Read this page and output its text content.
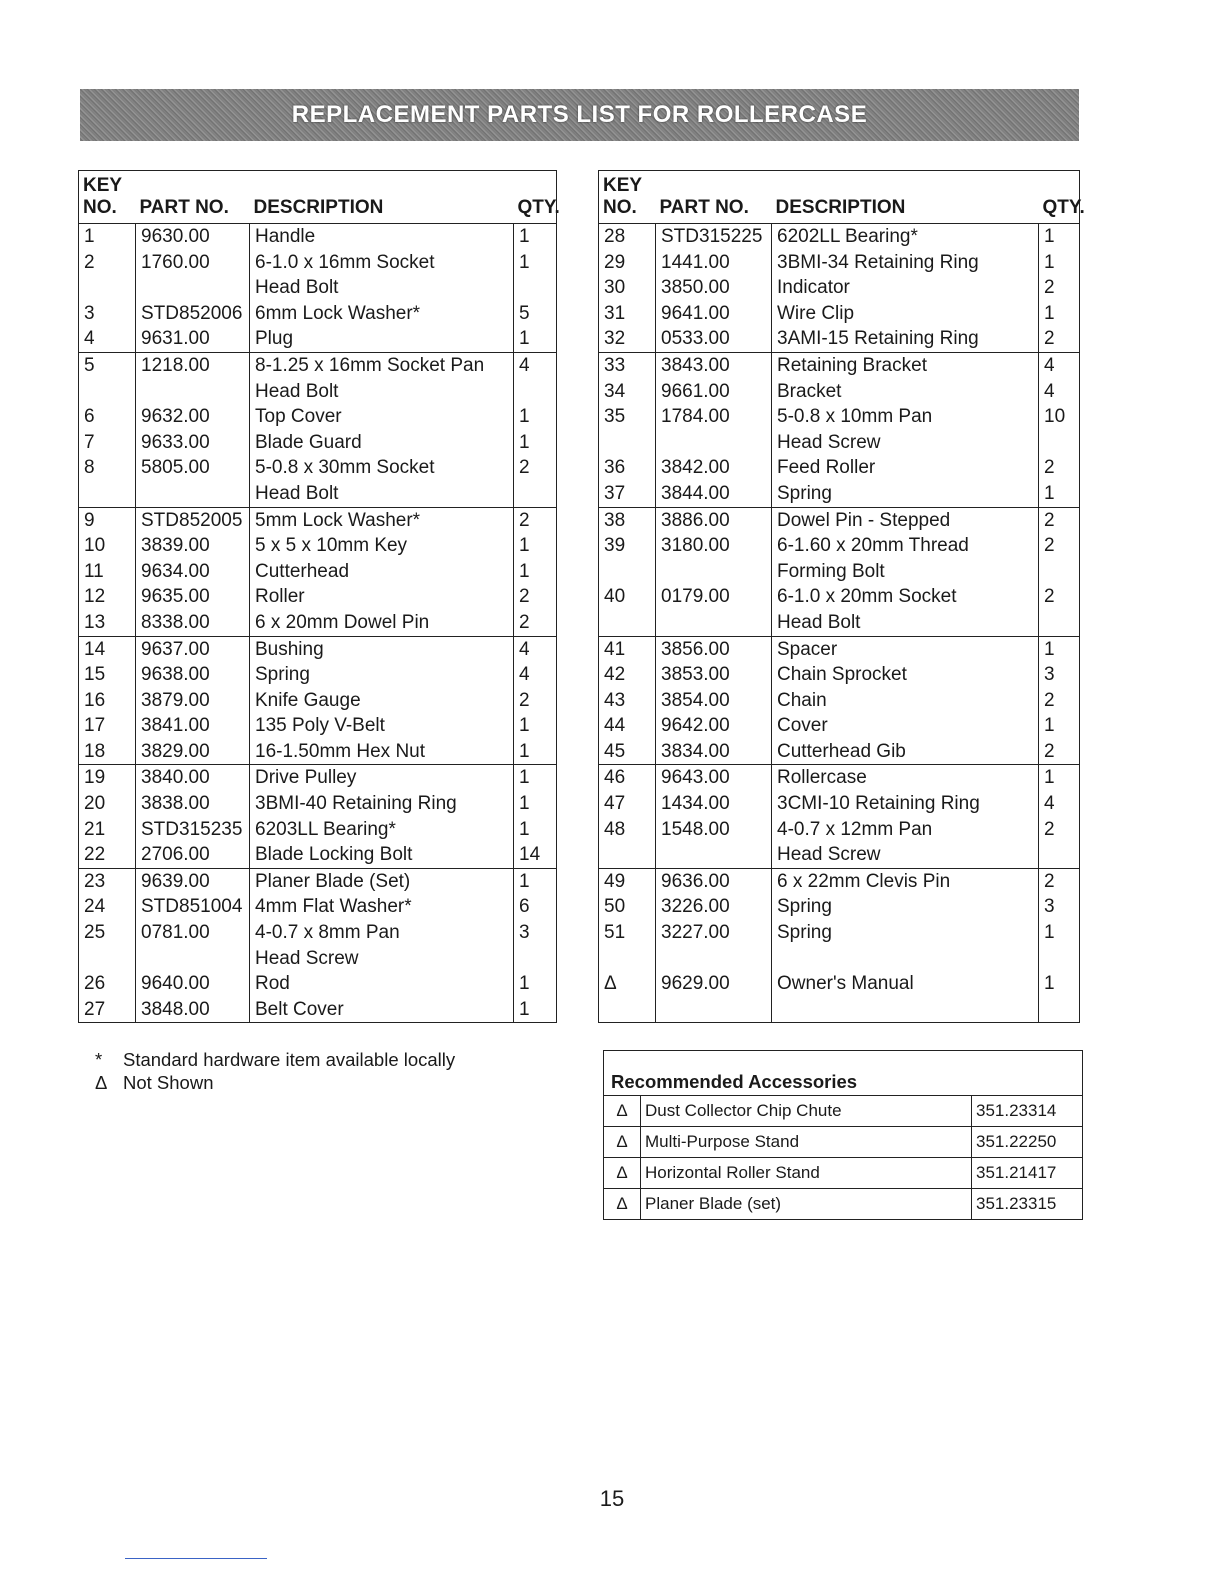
REPLACEMENT PARTS LIST FOR ROLLERCASE
KEY
NO.	PART NO.	DESCRIPTION	QTY.
1	9630.00	Handle	1
2	1760.00	6-1.0 x 16mm Socket	1
		Head Bolt	
3	STD852006	6mm Lock Washer*	5
4	9631.00	Plug	1
5	1218.00	8-1.25 x 16mm Socket Pan	4
		Head Bolt	
6	9632.00	Top Cover	1
7	9633.00	Blade Guard	1
8	5805.00	5-0.8 x 30mm Socket	2
		Head Bolt	
9	STD852005	5mm Lock Washer*	2
10	3839.00	5 x 5 x 10mm Key	1
11	9634.00	Cutterhead	1
12	9635.00	Roller	2
13	8338.00	6 x 20mm Dowel Pin	2
14	9637.00	Bushing	4
15	9638.00	Spring	4
16	3879.00	Knife Gauge	2
17	3841.00	135 Poly V-Belt	1
18	3829.00	16-1.50mm Hex Nut	1
19	3840.00	Drive Pulley	1
20	3838.00	3BMI-40 Retaining Ring	1
21	STD315235	6203LL Bearing*	1
22	2706.00	Blade Locking Bolt	14
23	9639.00	Planer Blade (Set)	1
24	STD851004	4mm Flat Washer*	6
25	0781.00	4-0.7 x 8mm Pan	3
		Head Screw	
26	9640.00	Rod	1
27	3848.00	Belt Cover	1
KEY
NO.	PART NO.	DESCRIPTION	QTY.
28	STD315225	6202LL Bearing*	1
29	1441.00	3BMI-34 Retaining Ring	1
30	3850.00	Indicator	2
31	9641.00	Wire Clip	1
32	0533.00	3AMI-15 Retaining Ring	2
33	3843.00	Retaining Bracket	4
34	9661.00	Bracket	4
35	1784.00	5-0.8 x 10mm Pan	10
		Head Screw	
36	3842.00	Feed Roller	2
37	3844.00	Spring	1
38	3886.00	Dowel Pin - Stepped	2
39	3180.00	6-1.60 x 20mm Thread	2
		Forming Bolt	
40	0179.00	6-1.0 x 20mm Socket	2
		Head Bolt	
41	3856.00	Spacer	1
42	3853.00	Chain Sprocket	3
43	3854.00	Chain	2
44	9642.00	Cover	1
45	3834.00	Cutterhead Gib	2
46	9643.00	Rollercase	1
47	1434.00	3CMI-10 Retaining Ring	4
48	1548.00	4-0.7 x 12mm Pan	2
		Head Screw	
49	9636.00	6 x 22mm Clevis Pin	2
50	3226.00	Spring	3
51	3227.00	Spring	1

Δ	9629.00	Owner's Manual	1

*	Standard hardware item available locally
Δ Not Shown	Recommended Accessories		
Δ	Dust Collector Chip Chute	351.23314
Δ	Multi-Purpose Stand	351.22250
Δ	Horizontal Roller Stand	351.21417
Δ	Planer Blade (set)	351.23315
15
